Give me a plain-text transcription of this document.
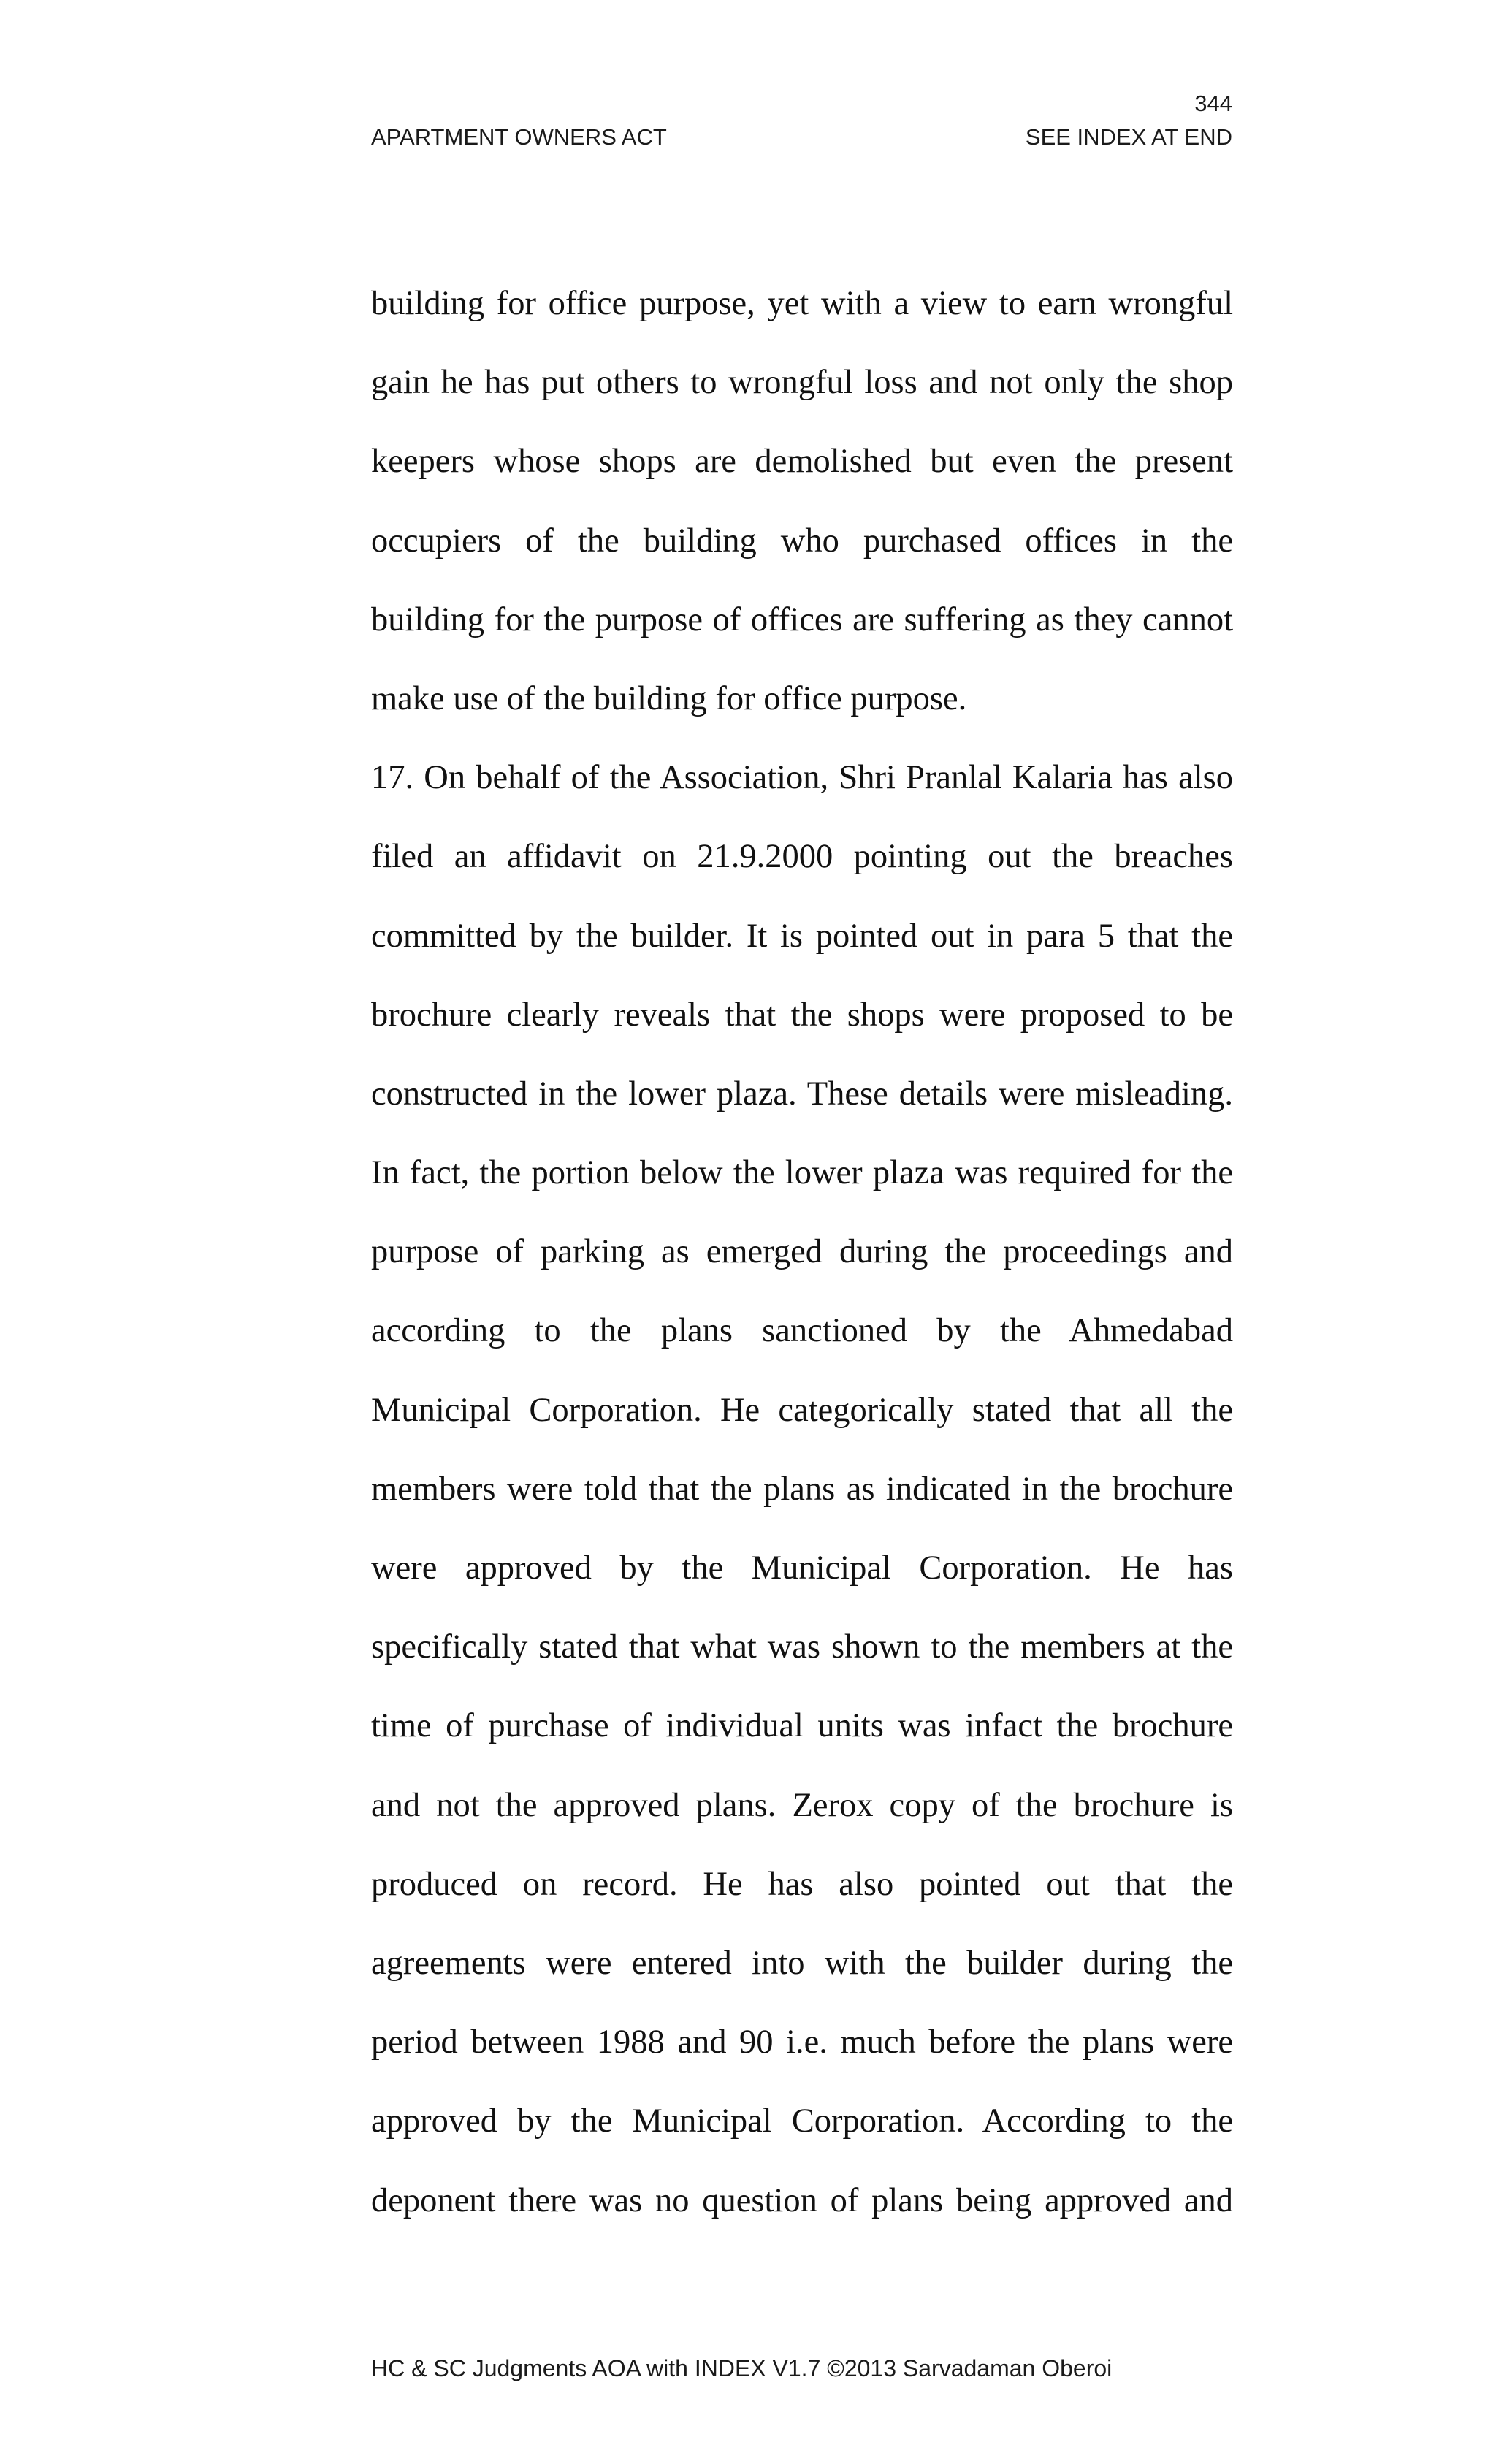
344
APARTMENT OWNERS ACT	SEE INDEX AT END
building for office purpose, yet with a view to earn wrongful
gain he has put others to wrongful loss and not only the shop
keepers whose shops are demolished but even the present
occupiers of the building who purchased offices in the
building for the purpose of offices are suffering as they cannot
make use of the building for office purpose.
17. On behalf of the Association, Shri Pranlal Kalaria has also
filed an affidavit on 21.9.2000 pointing out the breaches
committed by the builder. It is pointed out in para 5 that the
brochure clearly reveals that the shops were proposed to be
constructed in the lower plaza. These details were misleading.
In fact, the portion below the lower plaza was required for the
purpose of parking as emerged during the proceedings and
according to the plans sanctioned by the Ahmedabad
Municipal Corporation. He categorically stated that all the
members were told that the plans as indicated in the brochure
were approved by the Municipal Corporation. He has
specifically stated that what was shown to the members at the
time of purchase of individual units was infact the brochure
and not the approved plans. Zerox copy of the brochure is
produced on record. He has also pointed out that the
agreements were entered into with the builder during the
period between 1988 and 90 i.e. much before the plans were
approved by the Municipal Corporation. According to the
deponent there was no question of plans being approved and
HC & SC Judgments AOA with INDEX V1.7 ©2013 Sarvadaman Oberoi
